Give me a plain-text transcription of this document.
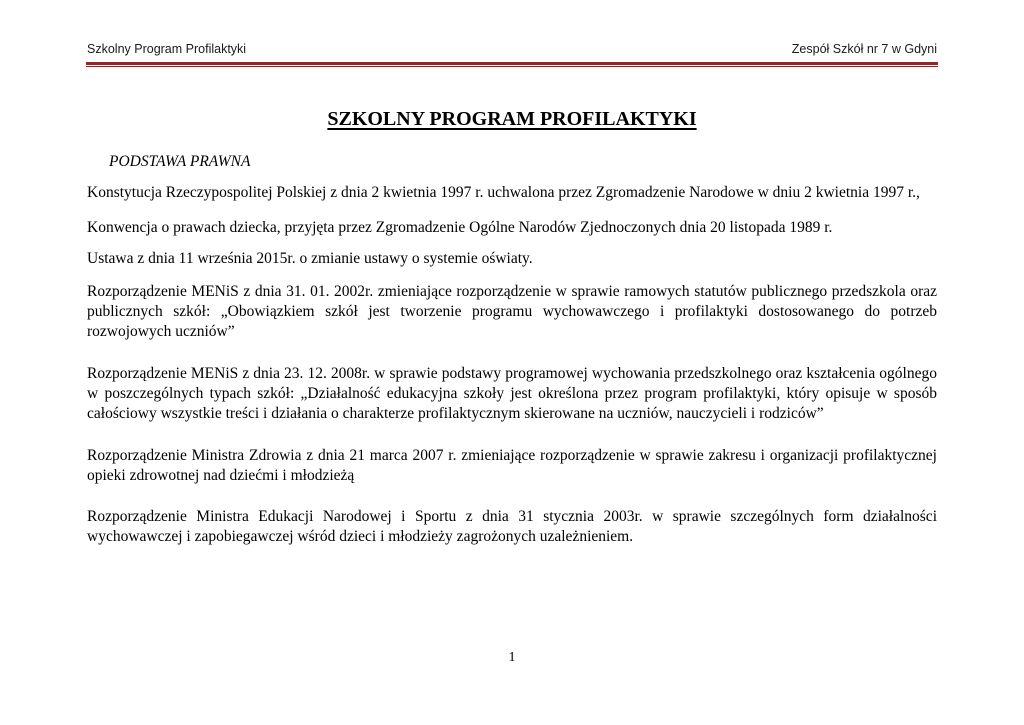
Szkolny Program Profilaktyki	Zespół Szkół nr 7 w Gdyni
SZKOLNY PROGRAM PROFILAKTYKI
PODSTAWA PRAWNA

Konstytucja Rzeczypospolitej Polskiej z dnia 2 kwietnia 1997 r. uchwalona przez Zgromadzenie Narodowe w dniu 2 kwietnia 1997 r.,

Konwencja o prawach dziecka, przyjęta przez Zgromadzenie Ogólne Narodów Zjednoczonych dnia 20 listopada 1989 r.

Ustawa z dnia 11 września 2015r. o zmianie ustawy o systemie oświaty.

Rozporządzenie MENiS z dnia 31. 01. 2002r. zmieniające rozporządzenie w sprawie ramowych statutów publicznego przedszkola oraz publicznych szkół: „Obowiązkiem szkół jest tworzenie programu wychowawczego i profilaktyki dostosowanego do potrzeb rozwojowych uczniów”

Rozporządzenie MENiS z dnia 23. 12. 2008r. w sprawie podstawy programowej wychowania przedszkolnego oraz kształcenia ogólnego w poszczególnych typach szkół: „Działalność edukacyjna szkoły jest określona przez program profilaktyki, który opisuje w sposób całościowy wszystkie treści i działania o charakterze profilaktycznym skierowane na uczniów, nauczycieli i rodziców”

Rozporządzenie Ministra Zdrowia z dnia 21 marca 2007 r. zmieniające rozporządzenie w sprawie zakresu i organizacji profilaktycznej opieki zdrowotnej nad dziećmi i młodzieżą

Rozporządzenie Ministra Edukacji Narodowej i Sportu z dnia 31 stycznia 2003r. w sprawie szczególnych form działalności wychowawczej i zapobiegawczej wśród dzieci i młodzieży zagrożonych uzależnieniem.

1
